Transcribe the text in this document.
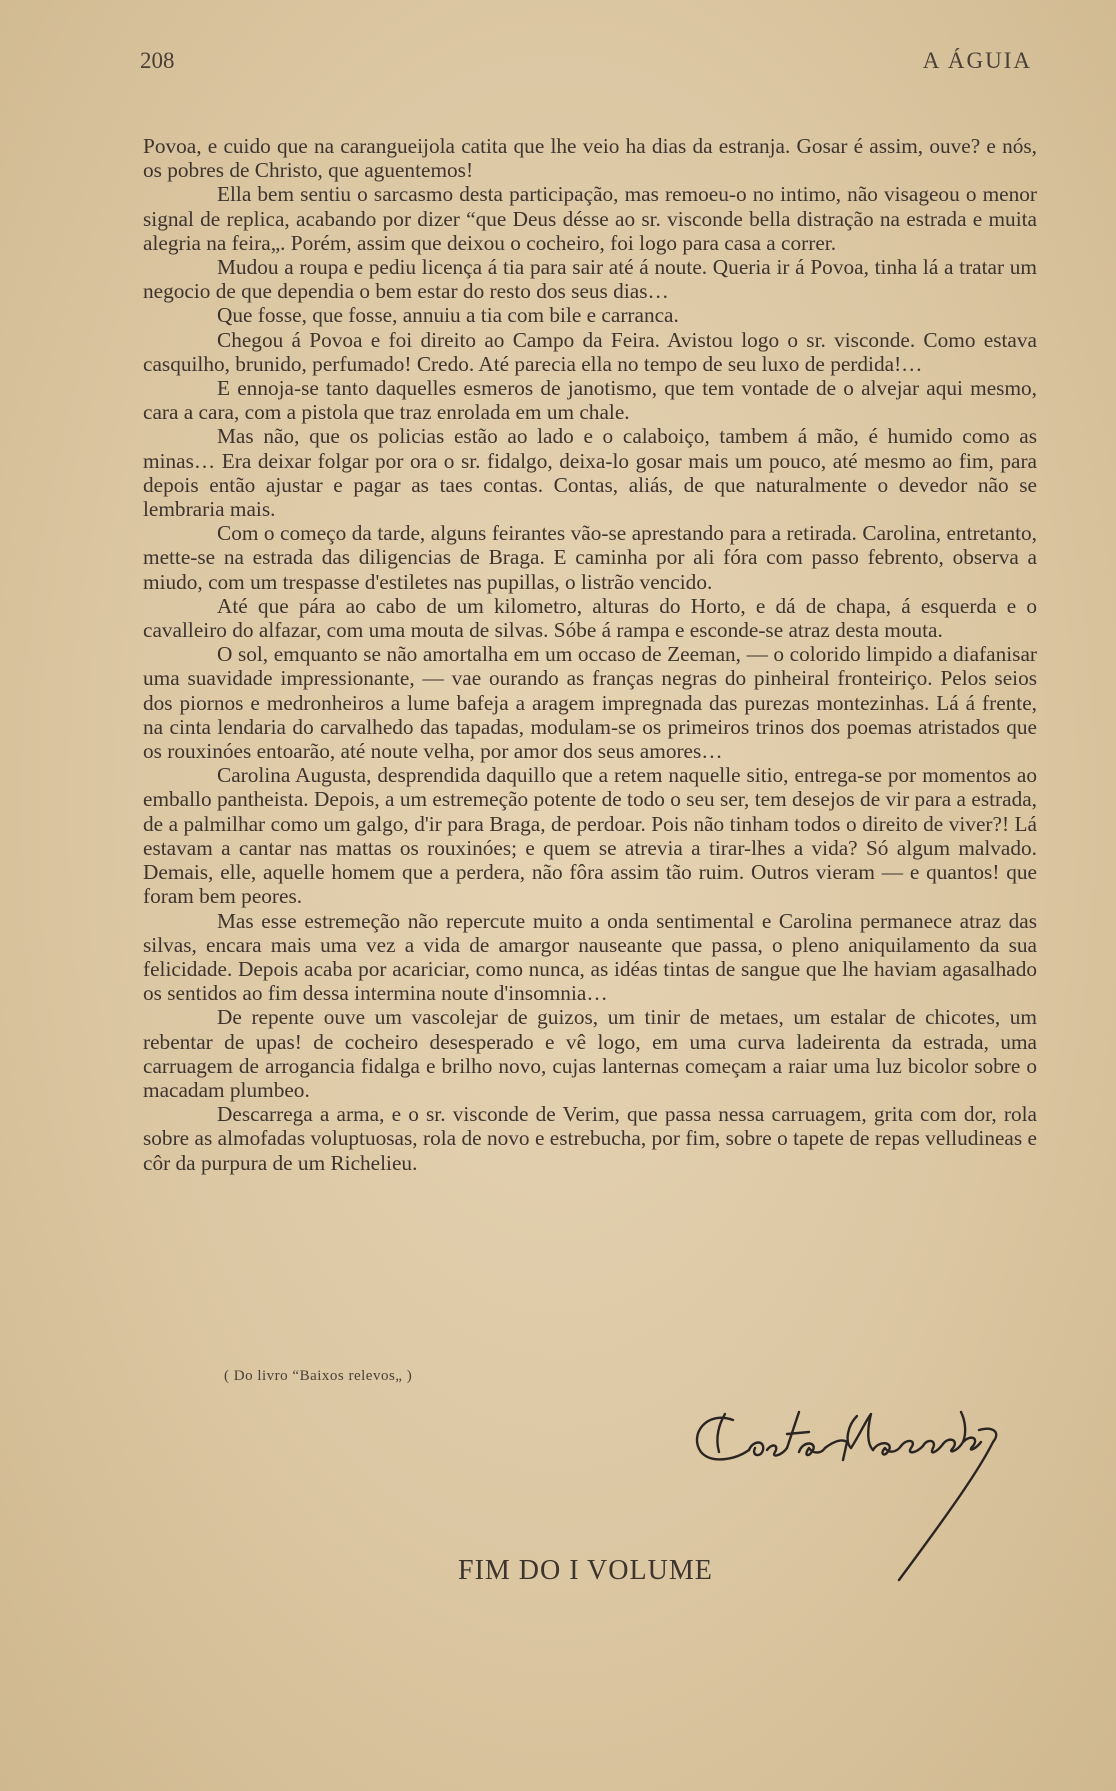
208	A ÁGUIA

Povoa, e cuido que na carangueijola catita que lhe veio ha dias da estranja. Gosar é assim, ouve? e nós, os pobres de Christo, que aguentemos!

Ella bem sentiu o sarcasmo desta participação, mas remoeu-o no intimo, não visageou o menor signal de replica, acabando por dizer “que Deus désse ao sr. visconde bella distração na estrada e muita alegria na feira„. Porém, assim que deixou o cocheiro, foi logo para casa a correr.

Mudou a roupa e pediu licença á tia para sair até á noute. Queria ir á Povoa, tinha lá a tratar um negocio de que dependia o bem estar do resto dos seus dias…

Que fosse, que fosse, annuiu a tia com bile e carranca.

Chegou á Povoa e foi direito ao Campo da Feira. Avistou logo o sr. visconde. Como estava casquilho, brunido, perfumado! Credo. Até parecia ella no tempo de seu luxo de perdida!…

E ennoja-se tanto daquelles esmeros de janotismo, que tem vontade de o alvejar aqui mesmo, cara a cara, com a pistola que traz enrolada em um chale.

Mas não, que os policias estão ao lado e o calaboiço, tambem á mão, é humido como as minas… Era deixar folgar por ora o sr. fidalgo, deixa-lo gosar mais um pouco, até mesmo ao fim, para depois então ajustar e pagar as taes contas. Contas, aliás, de que naturalmente o devedor não se lembraria mais.

Com o começo da tarde, alguns feirantes vão-se aprestando para a retirada. Carolina, entretanto, mette-se na estrada das diligencias de Braga. E caminha por ali fóra com passo febrento, observa a miudo, com um trespasse d'estiletes nas pupillas, o listrão vencido.

Até que pára ao cabo de um kilometro, alturas do Horto, e dá de chapa, á esquerda e o cavalleiro do alfazar, com uma mouta de silvas. Sóbe á rampa e esconde-se atraz desta mouta.

O sol, emquanto se não amortalha em um occaso de Zeeman, — o colorido limpido a diafanisar uma suavidade impressionante, — vae ourando as franças negras do pinheiral fronteiriço. Pelos seios dos piornos e medronheiros a lume bafeja a aragem impregnada das purezas montezinhas. Lá á frente, na cinta lendaria do carvalhedo das tapadas, modulam-se os primeiros trinos dos poemas atristados que os rouxinóes entoarão, até noute velha, por amor dos seus amores…

Carolina Augusta, desprendida daquillo que a retem naquelle sitio, entrega-se por momentos ao emballo pantheista. Depois, a um estremeção potente de todo o seu ser, tem desejos de vir para a estrada, de a palmilhar como um galgo, d'ir para Braga, de perdoar. Pois não tinham todos o direito de viver?! Lá estavam a cantar nas mattas os rouxinóes; e quem se atrevia a tirar-lhes a vida? Só algum malvado. Demais, elle, aquelle homem que a perdera, não fôra assim tão ruim. Outros vieram — e quantos! que foram bem peores.

Mas esse estremeção não repercute muito a onda sentimental e Carolina permanece atraz das silvas, encara mais uma vez a vida de amargor nauseante que passa, o pleno aniquilamento da sua felicidade. Depois acaba por acariciar, como nunca, as idéas tintas de sangue que lhe haviam agasalhado os sentidos ao fim dessa intermina noute d'insomnia…

De repente ouve um vascolejar de guizos, um tinir de metaes, um estalar de chicotes, um rebentar de upas! de cocheiro desesperado e vê logo, em uma curva ladeirenta da estrada, uma carruagem de arrogancia fidalga e brilho novo, cujas lanternas começam a raiar uma luz bicolor sobre o macadam plumbeo.

Descarrega a arma, e o sr. visconde de Verim, que passa nessa carruagem, grita com dor, rola sobre as almofadas voluptuosas, rola de novo e estrebucha, por fim, sobre o tapete de repas velludineas e côr da purpura de um Richelieu.

( Do livro “Baixos relevos„ )
FIM DO I VOLUME
